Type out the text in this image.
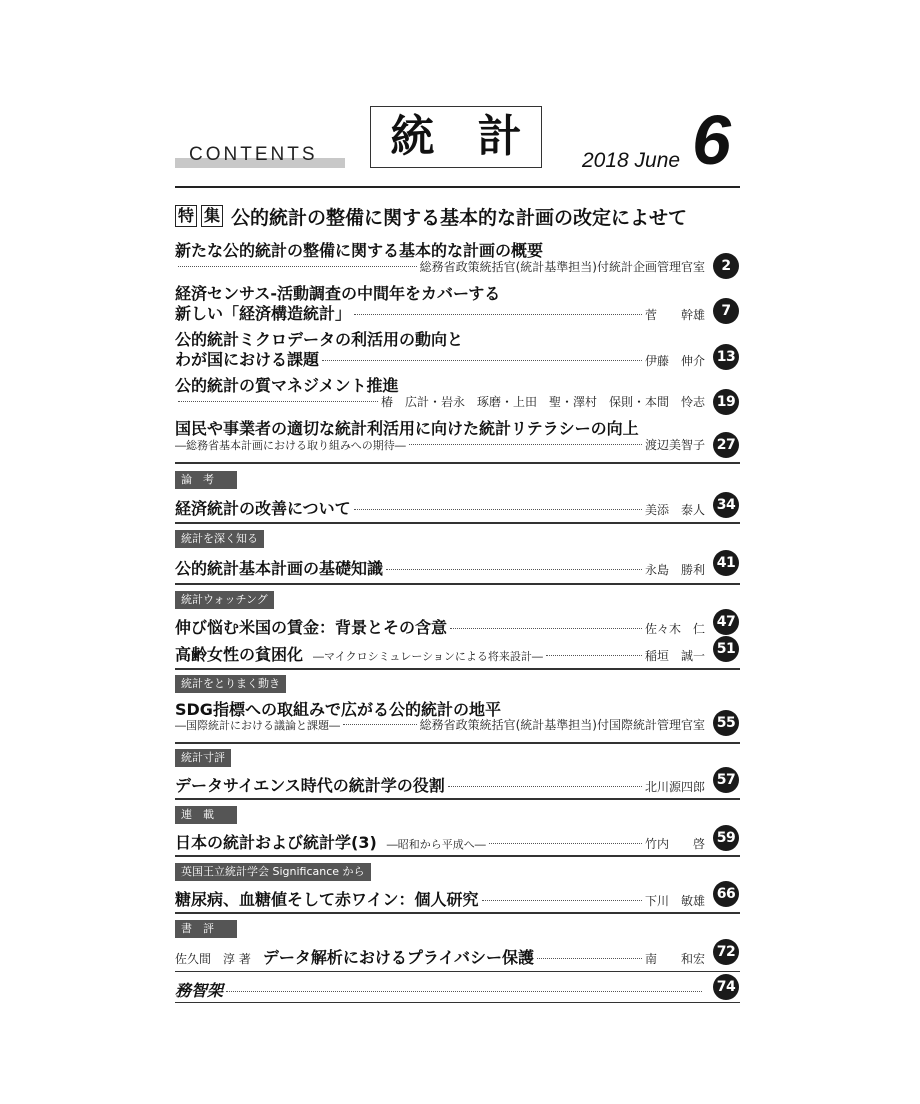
CONTENTS	統 計 2018 June 6
特 集 公的統計の整備に関する基本的な計画の改定によせて
新たな公的統計の整備に関する基本的な計画の概要
総務省政策統括官(統計基準担当)付統計企画管理官室	2
経済センサス‐活動調査の中間年をカバーする
新しい「経済構造統計」	菅　　幹雄	7
公的統計ミクロデータの利活用の動向と
わが国における課題	伊藤　伸介 13
公的統計の質マネジメント推進
椿　広計・岩永　琢磨・上田　聖・澤村　保則・本間　怜志 19
国民や事業者の適切な統計利活用に向けた統計リテラシーの向上
―総務省基本計画における取り組みへの期待―	渡辺美智子 27
論　考
経済統計の改善について	美添　泰人 34
統計を深く知る
公的統計基本計画の基礎知識	永島　勝利 41
統計ウォッチング
伸び悩む米国の賃金：背景とその含意	佐々木　仁 47
高齢女性の貧困化 ―マイクロシミュレーションによる将来設計―	稲垣　誠一 51
統計をとりまく動き
SDG指標への取組みで広がる公的統計の地平
―国際統計における議論と課題―	総務省政策統括官(統計基準担当)付国際統計管理官室 55
統計寸評
データサイエンス時代の統計学の役割	北川源四郎 57
連　載
日本の統計および統計学(3) ―昭和から平成へ―	竹内　　啓 59
英国王立統計学会 Significance から
糖尿病、血糖値そして赤ワイン：個人研究	下川　敏雄 66
書　評
佐久間　淳 著 データ解析におけるプライバシー保護	南　　和宏 72
務智架	74
